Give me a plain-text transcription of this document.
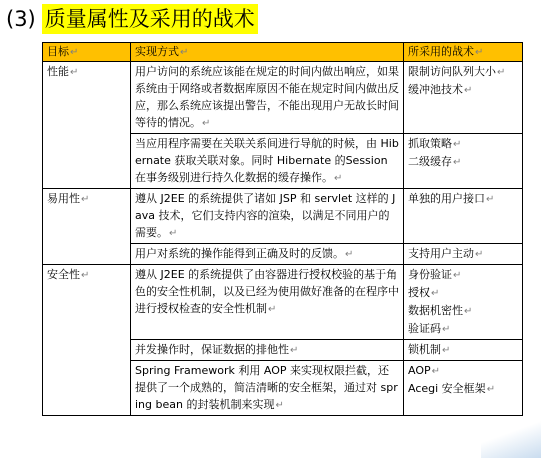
(3) 质量属性及采用的战术
目标 ↵	实现方式 ↵	所采用的战术 ↵
性能 ↵	用户访问的系统应该能在规定的时间内做出响应，如果系统由于网络或者数据库原因不能在规定时间内做出反应，那么系统应该提出警告，不能出现用户无故长时间等待的情况。 ↵	限制访问队列大小 ↵
缓冲池技术 ↵

	当应用程序需要在关联关系间进行导航的时候，由 Hibernate 获取关联对象。同时 Hibernate 的Session 在事务级别进行持久化数据的缓存操作。 ↵	抓取策略 ↵
二级缓存 ↵

易用性 ↵	遵从 J2EE 的系统提供了诸如 JSP 和 servlet 这样的 Java 技术，它们支持内容的渲染，以满足不同用户的需要。 ↵	单独的用户接口 ↵

	用户对系统的操作能得到正确及时的反馈。 ↵	支持用户主动 ↵

安全性 ↵	遵从 J2EE 的系统提供了由容器进行授权校验的基于角色的安全性机制，以及已经为使用做好准备的在程序中进行授权检查的安全性机制 ↵	身份验证 ↵
授权 ↵
数据机密性 ↵
验证码 ↵

	并发操作时，保证数据的排他性 ↵	锁机制 ↵

	Spring Framework 利用 AOP 来实现权限拦截，还提供了一个成熟的，简洁清晰的安全框架，通过对 spring bean 的封装机制来实现 ↵	AOP ↵
Acegi 安全框架 ↵
